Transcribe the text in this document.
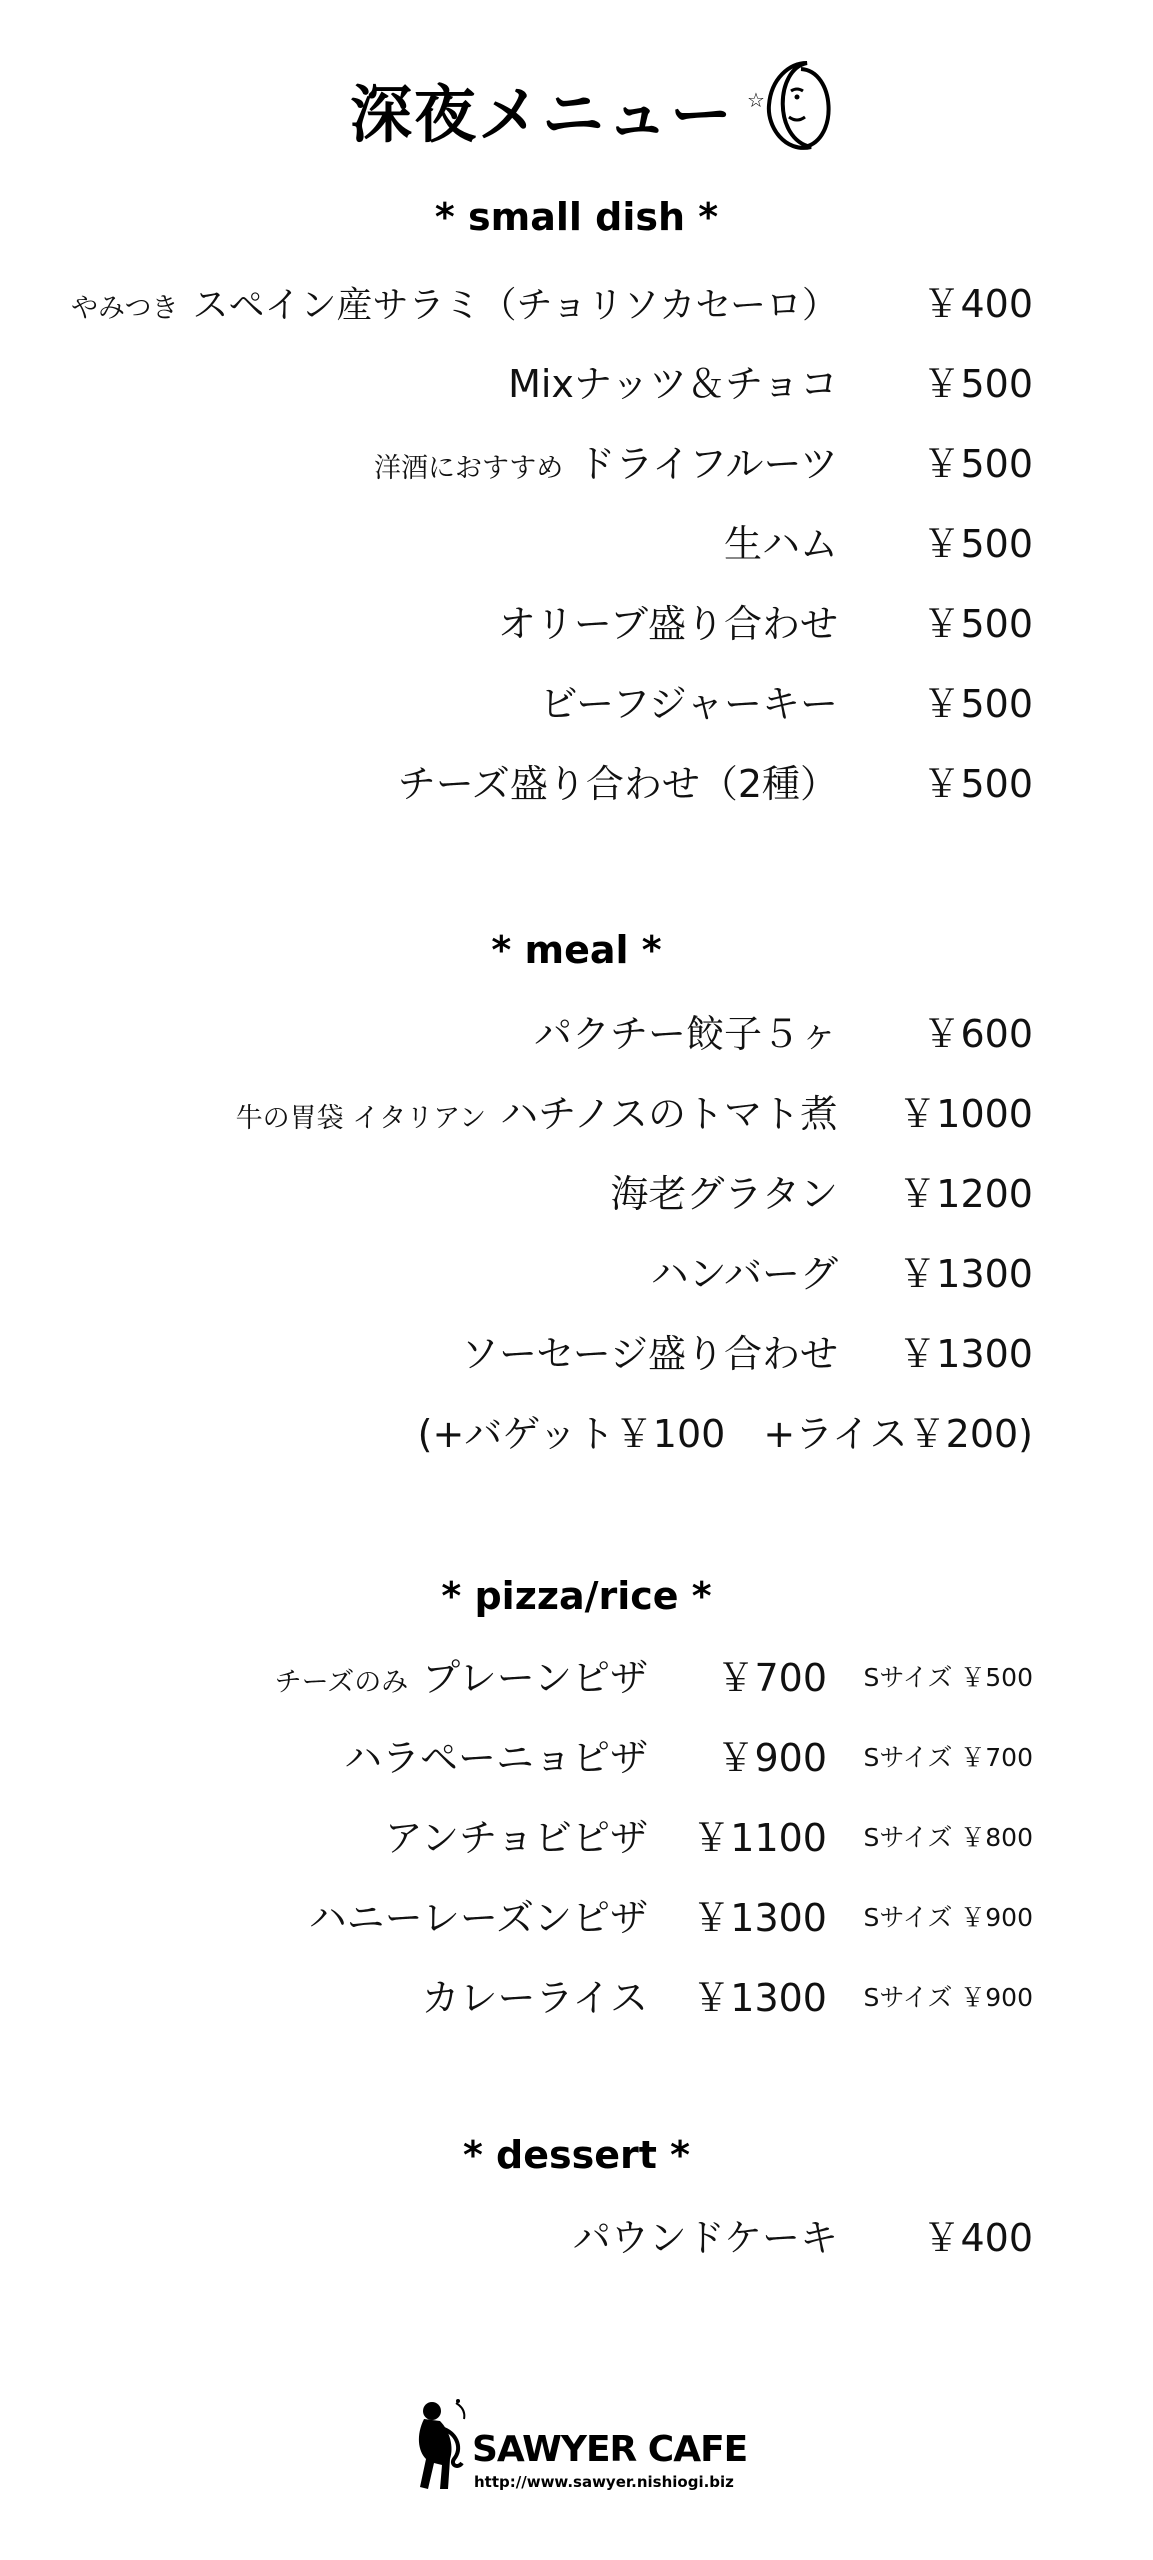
深夜メニュー ☆
* small dish *
やみつき スペイン産サラミ（チョリソカセーロ） ￥400
Mixナッツ＆チョコ ￥500
洋酒におすすめ ドライフルーツ ￥500
生ハム ￥500
オリーブ盛り合わせ ￥500
ビーフジャーキー ￥500
チーズ盛り合わせ（2種） ￥500
* meal *
パクチー餃子５ヶ ￥600
牛の胃袋 イタリアン ハチノスのトマト煮 ￥1000
海老グラタン ￥1200
ハンバーグ ￥1300
ソーセージ盛り合わせ ￥1300
(+バゲット￥100　+ライス￥200)
* pizza/rice *
チーズのみ プレーンピザ ￥700 Sサイズ ￥500
ハラペーニョピザ ￥900 Sサイズ ￥700
アンチョビピザ ￥1100 Sサイズ ￥800
ハニーレーズンピザ ￥1300 Sサイズ ￥900
カレーライス ￥1300 Sサイズ ￥900
* dessert *
パウンドケーキ ￥400
SAWYER CAFE
http://www.sawyer.nishiogi.biz
